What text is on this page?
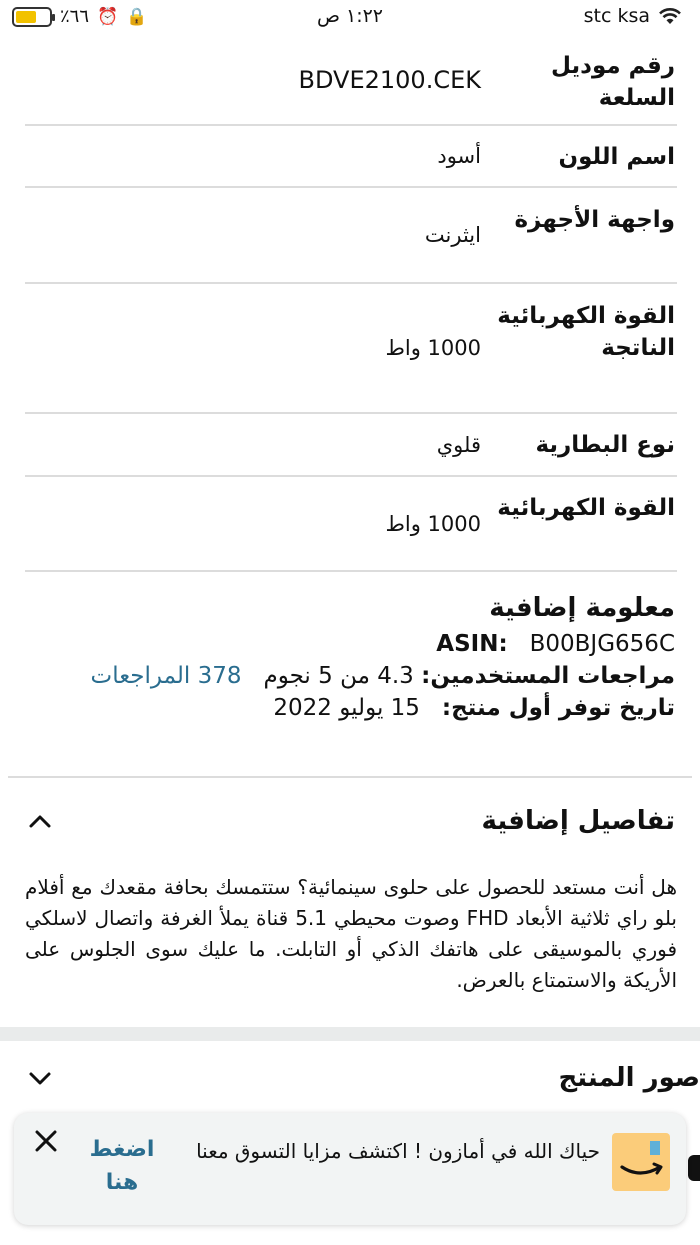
٪٦٦ ⏰ 🔒	١:٢٢ ص	stc ksa
رقم موديل السلعة
BDVE2100.CEK
اسم اللون
أسود
واجهة الأجهزة
ايثرنت
القوة الكهربائية الناتجة
1000 واط
نوع البطارية
قلوي
القوة الكهربائية
1000 واط
معلومة إضافية
ASIN: B00BJG656C
مراجعات المستخدمين: 4.3 من 5 نجوم   378 المراجعات
تاريخ توفر أول منتج:   15 يوليو 2022
تفاصيل إضافية
هل أنت مستعد للحصول على حلوى سينمائية؟ ستتمسك بحافة مقعدك مع أفلام بلو راي ثلاثية الأبعاد FHD وصوت محيطي 5.1 قناة يملأ الغرفة واتصال لاسلكي فوري بالموسيقى على هاتفك الذكي أو التابلت. ما عليك سوى الجلوس على الأريكة والاستمتاع بالعرض.
صور المنتج
حياك الله في أمازون ! اكتشف مزايا التسوق معنا
اضغط هنا
